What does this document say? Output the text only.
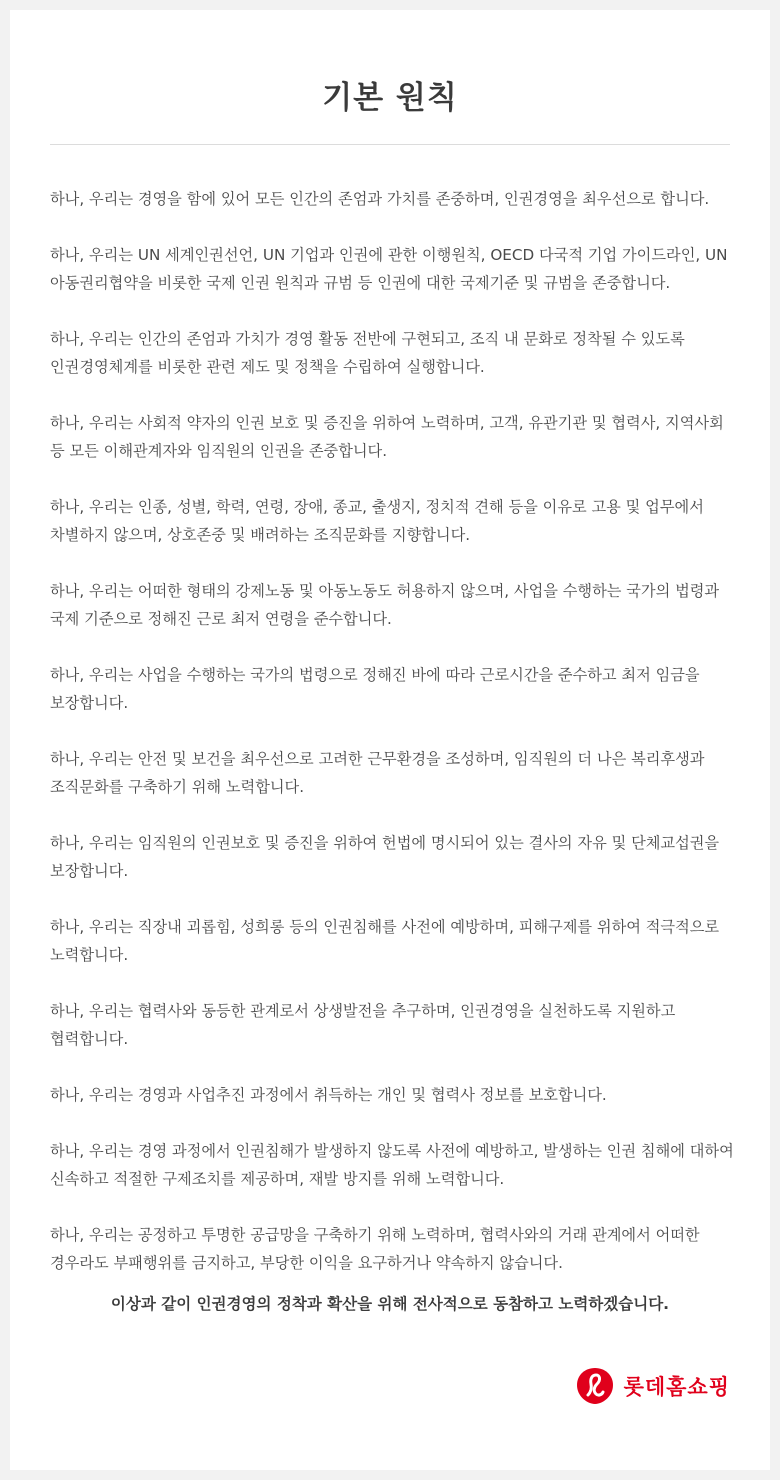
기본 원칙
하나, 우리는 경영을 함에 있어 모든 인간의 존엄과 가치를 존중하며, 인권경영을 최우선으로 합니다.
하나, 우리는 UN 세계인권선언, UN 기업과 인권에 관한 이행원칙, OECD 다국적 기업 가이드라인, UN 아동권리협약을 비롯한 국제 인권 원칙과 규범 등 인권에 대한 국제기준 및 규범을 존중합니다.
하나, 우리는 인간의 존엄과 가치가 경영 활동 전반에 구현되고, 조직 내 문화로 정착될 수 있도록 인권경영체계를 비롯한 관련 제도 및 정책을 수립하여 실행합니다.
하나, 우리는 사회적 약자의 인권 보호 및 증진을 위하여 노력하며, 고객, 유관기관 및 협력사, 지역사회 등 모든 이해관계자와 임직원의 인권을 존중합니다.
하나, 우리는 인종, 성별, 학력, 연령, 장애, 종교, 출생지, 정치적 견해 등을 이유로 고용 및 업무에서 차별하지 않으며, 상호존중 및 배려하는 조직문화를 지향합니다.
하나, 우리는 어떠한 형태의 강제노동 및 아동노동도 허용하지 않으며, 사업을 수행하는 국가의 법령과 국제 기준으로 정해진 근로 최저 연령을 준수합니다.
하나, 우리는 사업을 수행하는 국가의 법령으로 정해진 바에 따라 근로시간을 준수하고 최저 임금을 보장합니다.
하나, 우리는 안전 및 보건을 최우선으로 고려한 근무환경을 조성하며, 임직원의 더 나은 복리후생과 조직문화를 구축하기 위해 노력합니다.
하나, 우리는 임직원의 인권보호 및 증진을 위하여 헌법에 명시되어 있는 결사의 자유 및 단체교섭권을 보장합니다.
하나, 우리는 직장내 괴롭힘, 성희롱 등의 인권침해를 사전에 예방하며, 피해구제를 위하여 적극적으로 노력합니다.
하나, 우리는 협력사와 동등한 관계로서 상생발전을 추구하며, 인권경영을 실천하도록 지원하고 협력합니다.
하나, 우리는 경영과 사업추진 과정에서 취득하는 개인 및 협력사 정보를 보호합니다.
하나, 우리는 경영 과정에서 인권침해가 발생하지 않도록 사전에 예방하고, 발생하는 인권 침해에 대하여 신속하고 적절한 구제조치를 제공하며, 재발 방지를 위해 노력합니다.
하나, 우리는 공정하고 투명한 공급망을 구축하기 위해 노력하며, 협력사와의 거래 관계에서 어떠한 경우라도 부패행위를 금지하고, 부당한 이익을 요구하거나 약속하지 않습니다.

이상과 같이 인권경영의 정착과 확산을 위해 전사적으로 동참하고 노력하겠습니다.

롯데홈쇼핑
